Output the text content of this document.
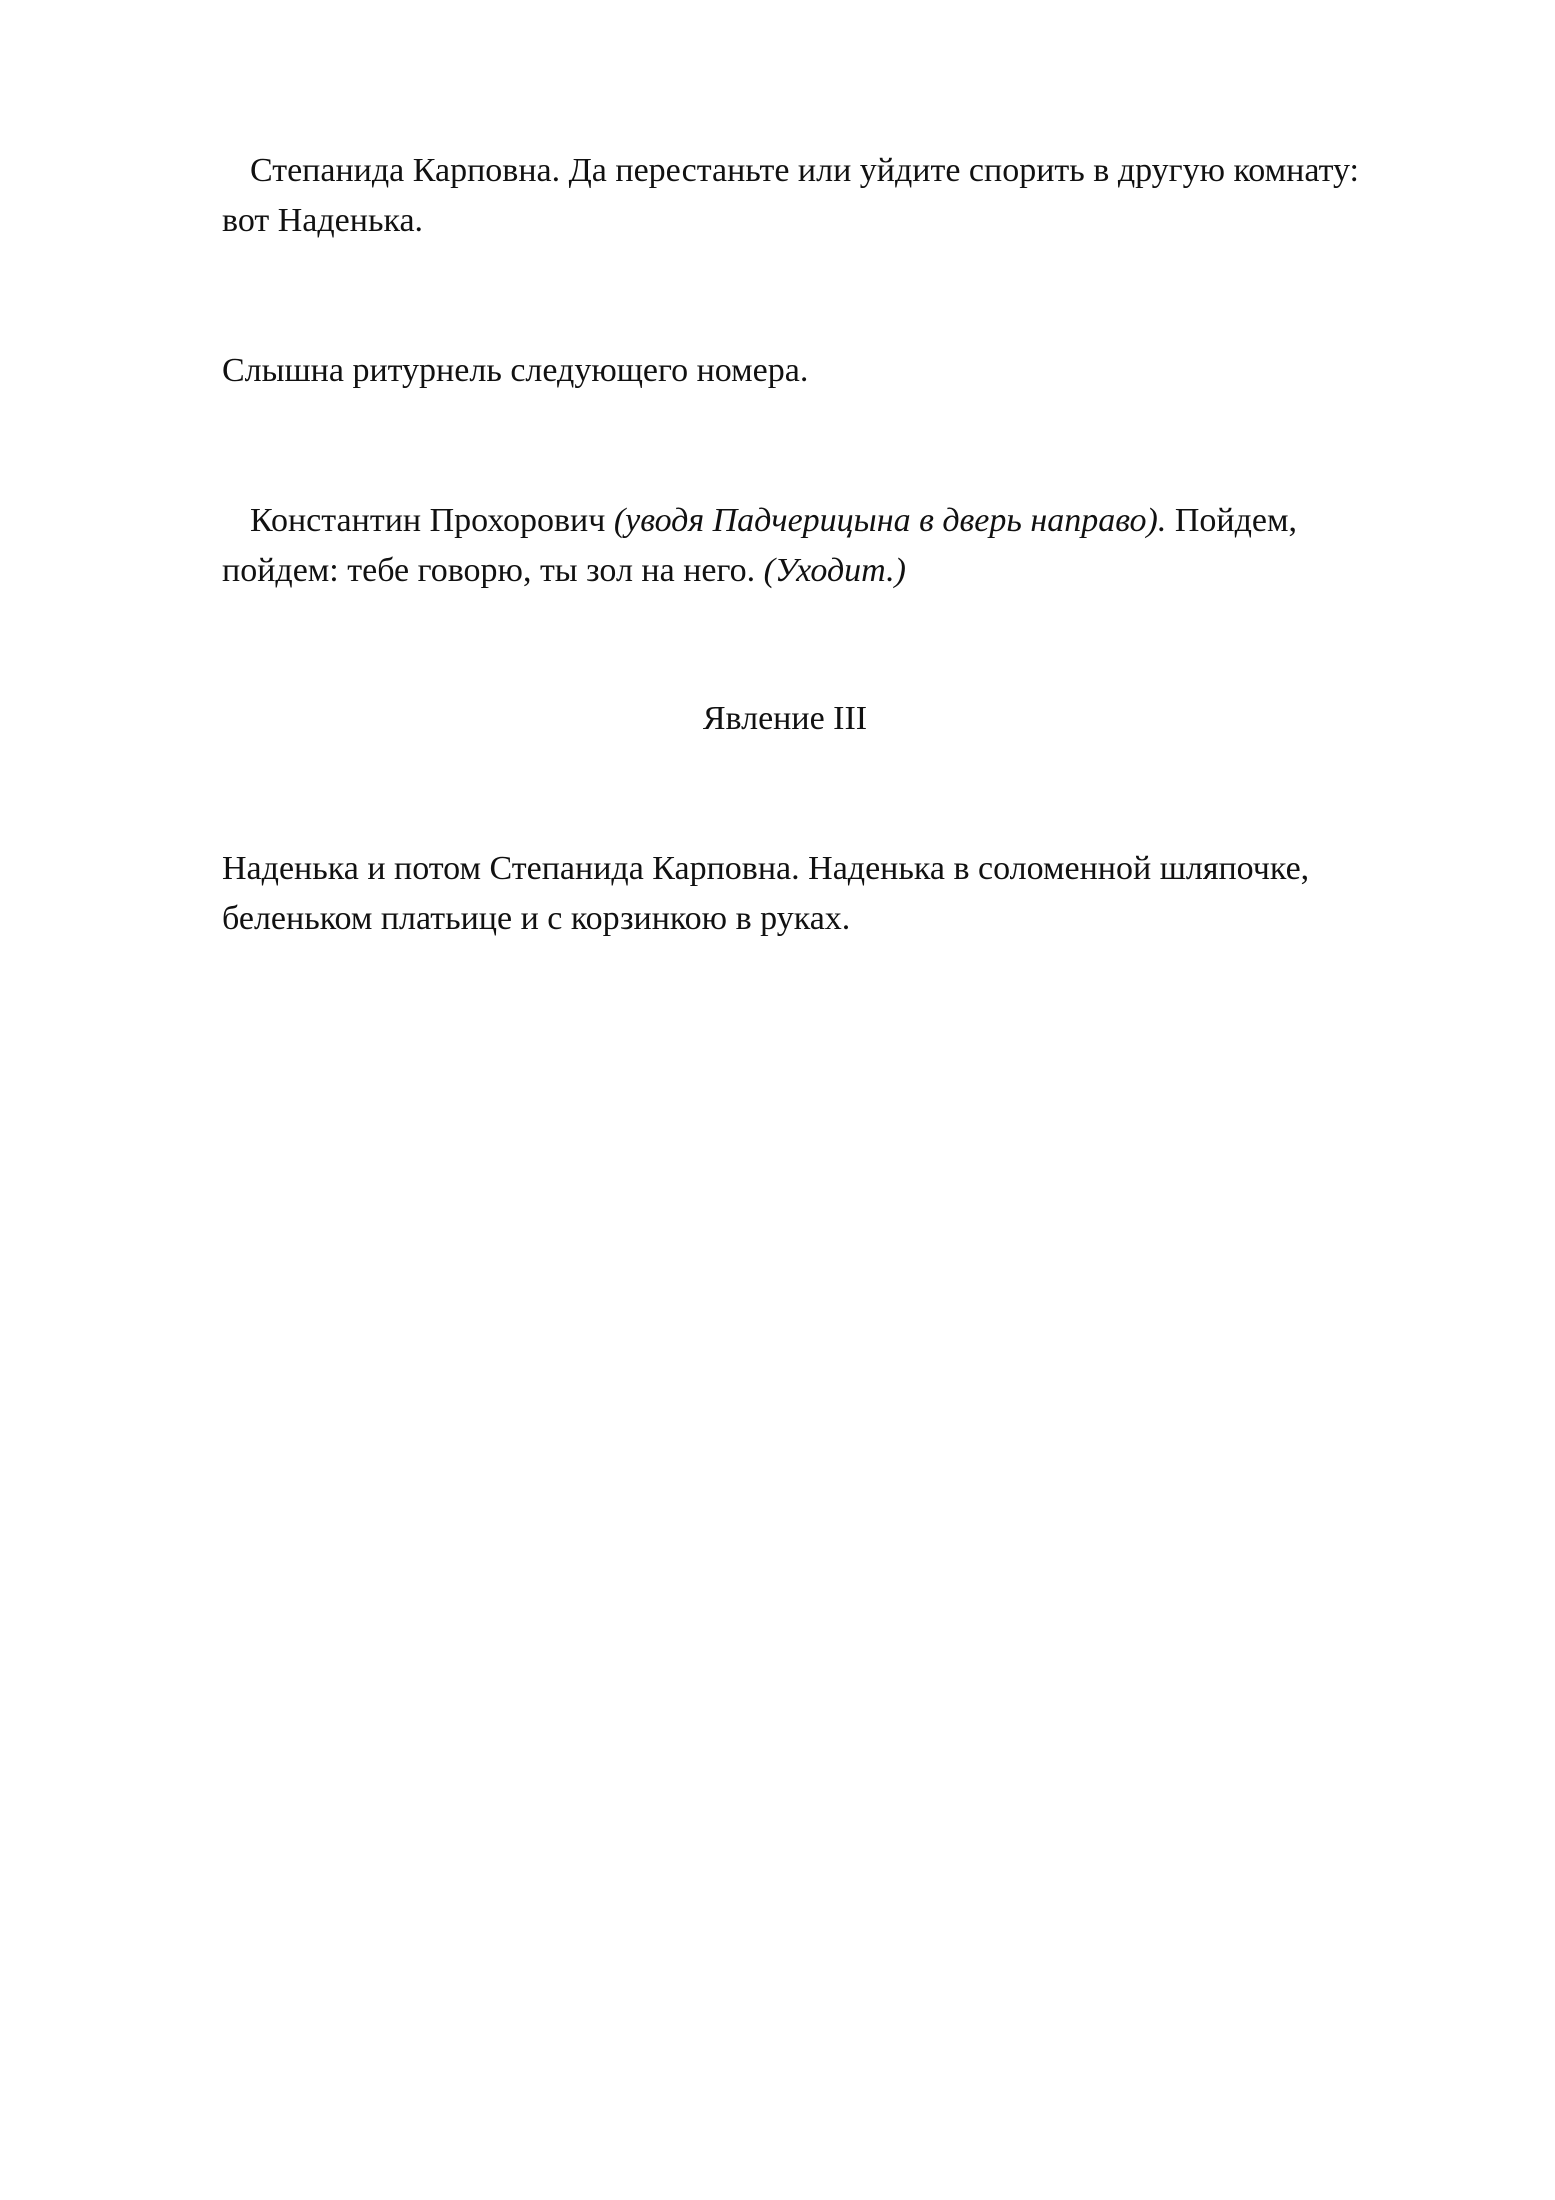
Степанида Карповна. Да перестаньте или уйдите спорить в другую комнату: вот Наденька.

Слышна ритурнель следующего номера.

Константин Прохорович (уводя Падчерицына в дверь направо). Пойдем, пойдем: тебе говорю, ты зол на него. (Уходит.)

Явление III

Наденька и потом Степанида Карповна. Наденька в соломенной шляпочке, беленьком платьице и с корзинкою в руках.
